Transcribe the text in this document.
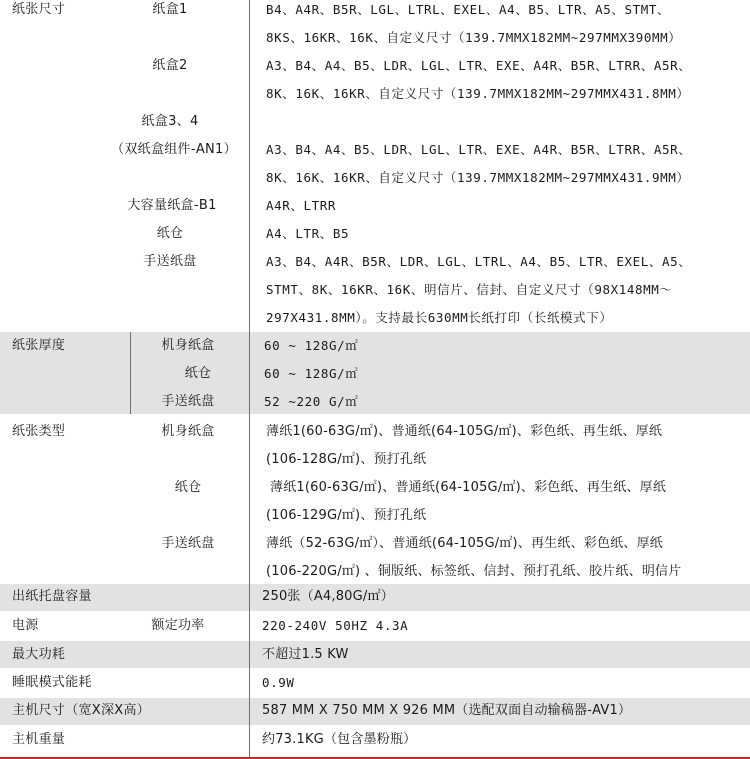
纸张尺寸	纸盒1	B4、A4R、B5R、LGL、LTRL、EXEL、A4、B5、LTR、A5、STMT、
8KS、16KR、16K、自定义尺寸（139.7MMX182MM~297MMX390MM）
纸盒2	A3、B4、A4、B5、LDR、LGL、LTR、EXE、A4R、B5R、LTRR、A5R、
8K、16K、16KR、自定义尺寸（139.7MMX182MM~297MMX431.8MM）
纸盒3、4
（双纸盒组件-AN1）	A3、B4、A4、B5、LDR、LGL、LTR、EXE、A4R、B5R、LTRR、A5R、
8K、16K、16KR、自定义尺寸（139.7MMX182MM~297MMX431.9MM）
大容量纸盒-B1	A4R、LTRR
纸仓	A4、LTR、B5
手送纸盘	A3、B4、A4R、B5R、LDR、LGL、LTRL、A4、B5、LTR、EXEL、A5、
STMT、8K、16KR、16K、明信片、信封、自定义尺寸（98X148MM～
297X431.8MM）。支持最长630MM长纸打印（长纸模式下）
纸张厚度	机身纸盒	60 ~ 128G/㎡
纸仓	60 ~ 128G/㎡
手送纸盘	52 ~220 G/㎡
纸张类型	机身纸盒	薄纸1(60-63G/㎡)、普通纸(64-105G/㎡)、彩色纸、再生纸、厚纸
(106-128G/㎡)、预打孔纸
纸仓	薄纸1(60-63G/㎡)、普通纸(64-105G/㎡)、彩色纸、再生纸、厚纸
(106-129G/㎡)、预打孔纸
手送纸盘	薄纸（52-63G/㎡）、普通纸(64-105G/㎡)、再生纸、彩色纸、厚纸
(106-220G/㎡) 、铜版纸、标签纸、信封、预打孔纸、胶片纸、明信片
出纸托盘容量	250张（A4,80G/㎡）
电源	额定功率	220-240V 50HZ 4.3A
最大功耗	不超过1.5 KW
睡眠模式能耗	0.9W
主机尺寸（宽X深X高）	587 MM X 750 MM X 926 MM（选配双面自动输稿器-AV1）
主机重量	约73.1KG（包含墨粉瓶）
